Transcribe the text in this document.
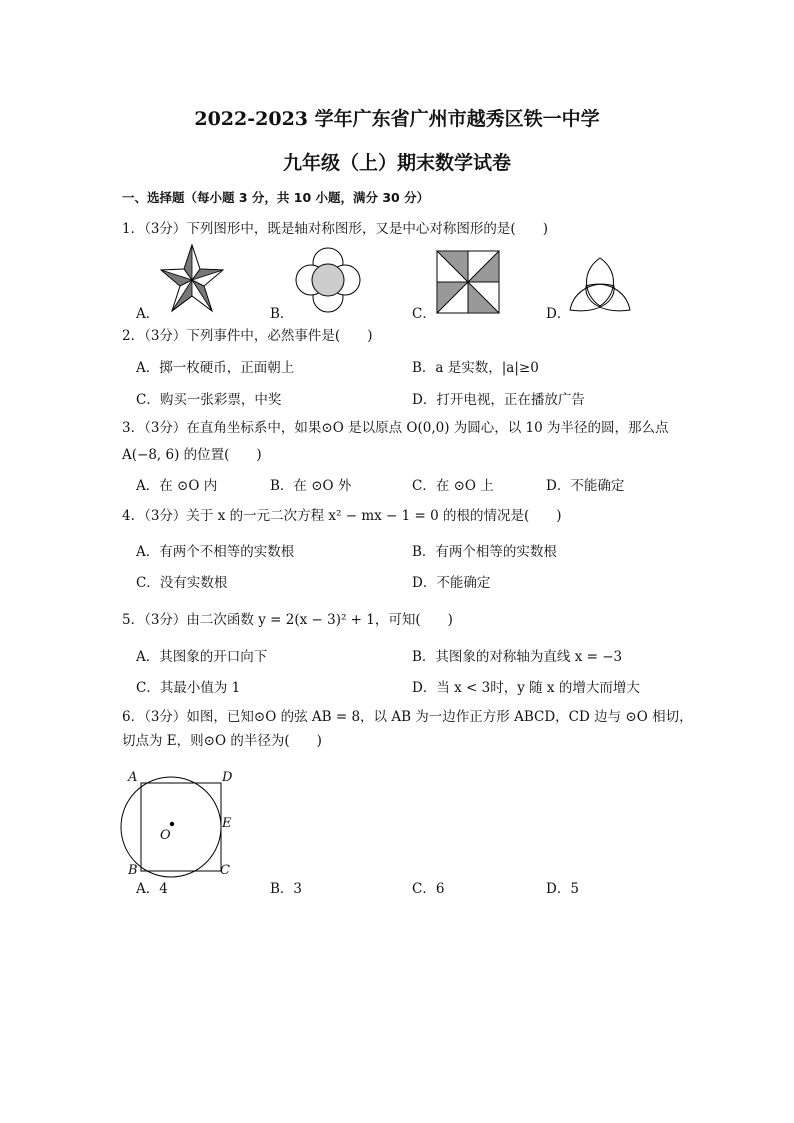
2022-2023 学年广东省广州市越秀区铁一中学
九年级（上）期末数学试卷
一、选择题（每小题 3 分，共 10 小题，满分 30 分）
1．（3分）下列图形中，既是轴对称图形，又是中心对称图形的是(　　)
A．	B．	C．	D．
2．（3分）下列事件中，必然事件是(　　)
A．掷一枚硬币，正面朝上	B．a 是实数，|a|≥0
C．购买一张彩票，中奖	D．打开电视，正在播放广告
3．（3分）在直角坐标系中，如果⊙O 是以原点 O(0,0) 为圆心，以 10 为半径的圆，那么点
A(−8, 6) 的位置(　　)
A．在 ⊙O 内	B．在 ⊙O 外	C．在 ⊙O 上	D．不能确定
4．（3分）关于 x 的一元二次方程 x² − mx − 1 = 0 的根的情况是(　　)
A．有两个不相等的实数根	B．有两个相等的实数根
C．没有实数根	D．不能确定
5．（3分）由二次函数 y = 2(x − 3)² + 1，可知(　　)
A．其图象的开口向下	B．其图象的对称轴为直线 x = −3
C．其最小值为 1	D．当 x < 3时，y 随 x 的增大而增大
6．（3分）如图，已知⊙O 的弦 AB = 8，以 AB 为一边作正方形 ABCD，CD 边与 ⊙O 相切，
切点为 E，则⊙O 的半径为(　　)
A	D
E
O
B	C
A．4	B．3	C．6	D．5
